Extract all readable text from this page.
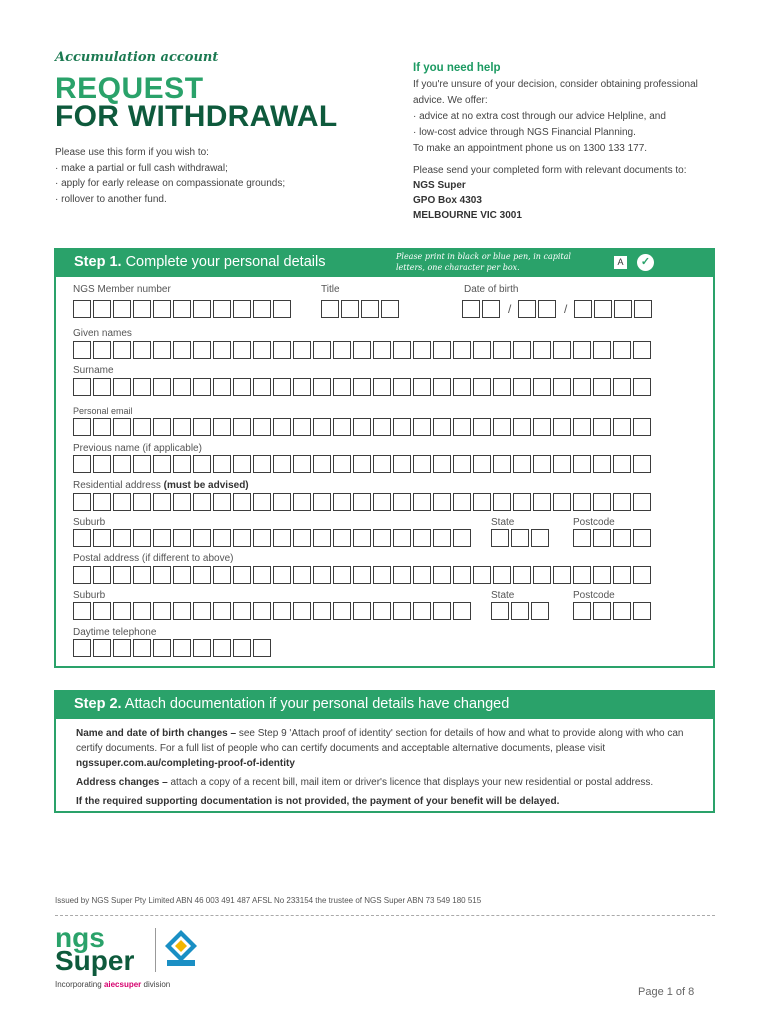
Accumulation account
REQUEST
FOR WITHDRAWAL
Please use this form if you wish to:
· make a partial or full cash withdrawal;
· apply for early release on compassionate grounds;
· rollover to another fund.
If you need help
If you're unsure of your decision, consider obtaining professional advice. We offer:
· advice at no extra cost through our advice Helpline, and
· low-cost advice through NGS Financial Planning.
To make an appointment phone us on 1300 133 177.
Please send your completed form with relevant documents to:
NGS Super
GPO Box 4303
MELBOURNE VIC 3001
Step 1. Complete your personal details	Please print in black or blue pen, in capital letters, one character per box.
A	✓
NGS Member number	Title	Date of birth
/	/
Given names
Surname
Personal email
Previous name (if applicable)
Residential address (must be advised)
Suburb	State	Postcode
Postal address (if different to above)
Suburb	State	Postcode
Daytime telephone
Step 2. Attach documentation if your personal details have changed

Name and date of birth changes – see Step 9 'Attach proof of identity' section for details of how and what to provide along with who can certify documents. For a full list of people who can certify documents and acceptable alternative documents, please visit ngssuper.com.au/completing-proof-of-identity

Address changes – attach a copy of a recent bill, mail item or driver's licence that displays your new residential or postal address.

If the required supporting documentation is not provided, the payment of your benefit will be delayed.

Issued by NGS Super Pty Limited ABN 46 003 491 487 AFSL No 233154 the trustee of NGS Super ABN 73 549 180 515
ngs
Super
Incorporating aiecsuper division
Page 1 of 8
